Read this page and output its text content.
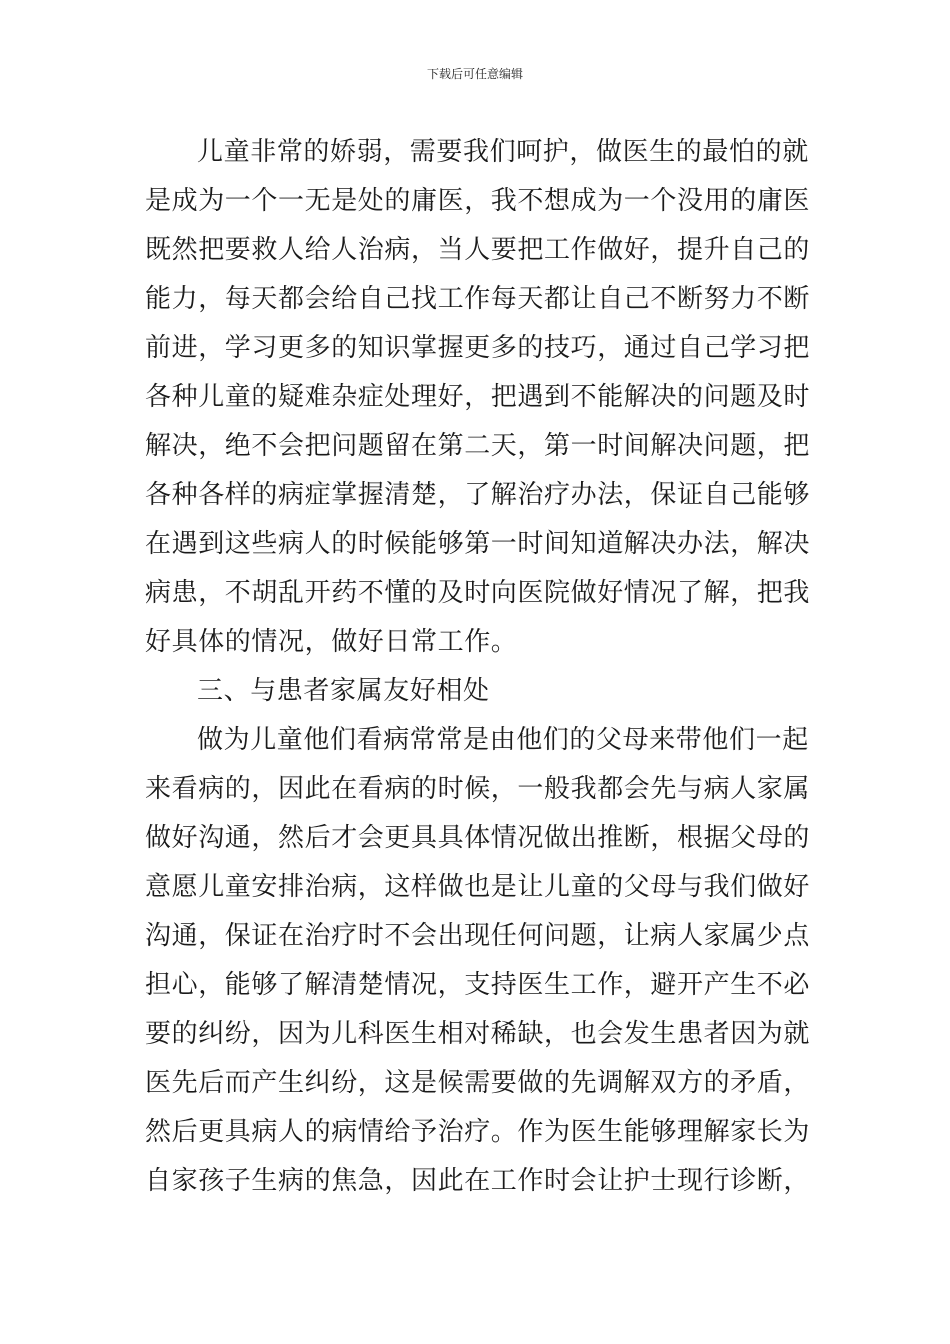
下载后可任意编辑
儿童非常的娇弱，需要我们呵护，做医生的最怕的就
是成为一个一无是处的庸医，我不想成为一个没用的庸医
既然把要救人给人治病，当人要把工作做好，提升自己的
能力，每天都会给自己找工作每天都让自己不断努力不断
前进，学习更多的知识掌握更多的技巧，通过自己学习把
各种儿童的疑难杂症处理好，把遇到不能解决的问题及时
解决，绝不会把问题留在第二天，第一时间解决问题，把
各种各样的病症掌握清楚，了解治疗办法，保证自己能够
在遇到这些病人的时候能够第一时间知道解决办法，解决
病患，不胡乱开药不懂的及时向医院做好情况了解，把我
好具体的情况，做好日常工作。
三、与患者家属友好相处
做为儿童他们看病常常是由他们的父母来带他们一起
来看病的，因此在看病的时候，一般我都会先与病人家属
做好沟通，然后才会更具具体情况做出推断，根据父母的
意愿儿童安排治病，这样做也是让儿童的父母与我们做好
沟通，保证在治疗时不会出现任何问题，让病人家属少点
担心，能够了解清楚情况，支持医生工作，避开产生不必
要的纠纷，因为儿科医生相对稀缺，也会发生患者因为就
医先后而产生纠纷，这是候需要做的先调解双方的矛盾，
然后更具病人的病情给予治疗。作为医生能够理解家长为
自家孩子生病的焦急，因此在工作时会让护士现行诊断，
